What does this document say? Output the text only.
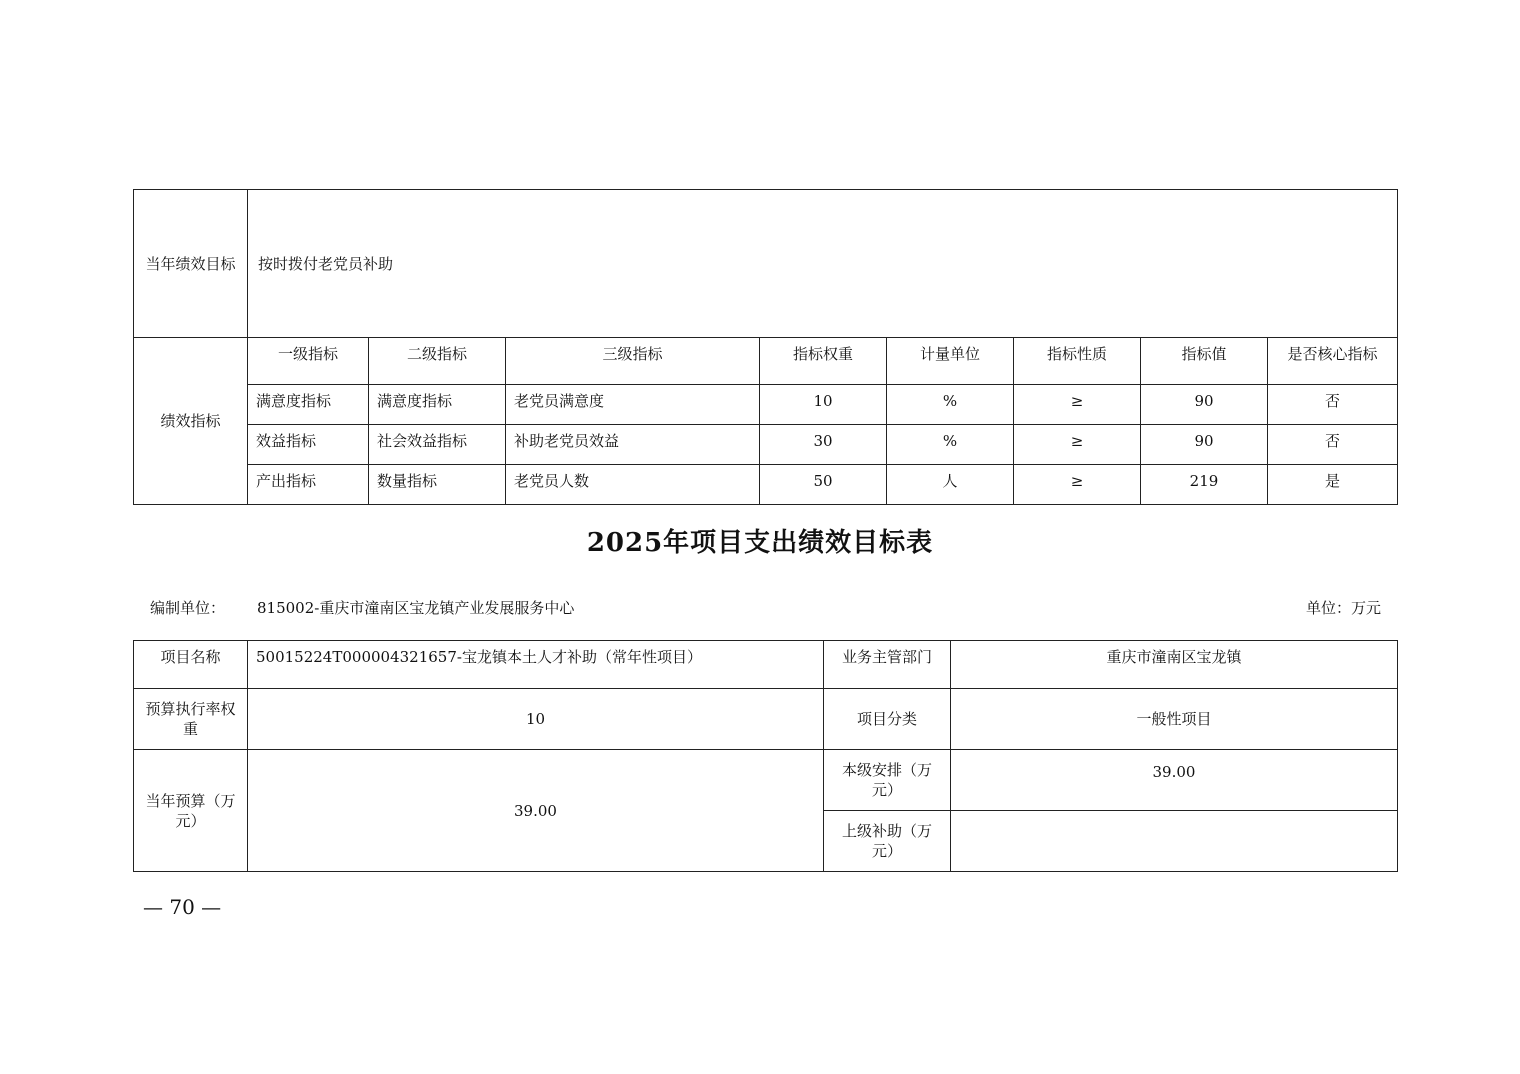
当年绩效目标	按时拨付老党员补助							
绩效指标	一级指标	二级指标	三级指标	指标权重	计量单位	指标性质	指标值	是否核心指标
	满意度指标	满意度指标	老党员满意度	10	%	≥	90	否
	效益指标	社会效益指标	补助老党员效益	30	%	≥	90	否
	产出指标	数量指标	老党员人数	50	人	≥	219	是
2025年项目支出绩效目标表
编制单位： 815002-重庆市潼南区宝龙镇产业发展服务中心	单位：万元
项目名称	50015224T000004321657-宝龙镇本土人才补助（常年性项目）	业务主管部门	重庆市潼南区宝龙镇
预算执行率权重	10	项目分类	一般性项目
当年预算（万元）	39.00	本级安排（万元）	39.00
		上级补助（万元）	
— 70 —
